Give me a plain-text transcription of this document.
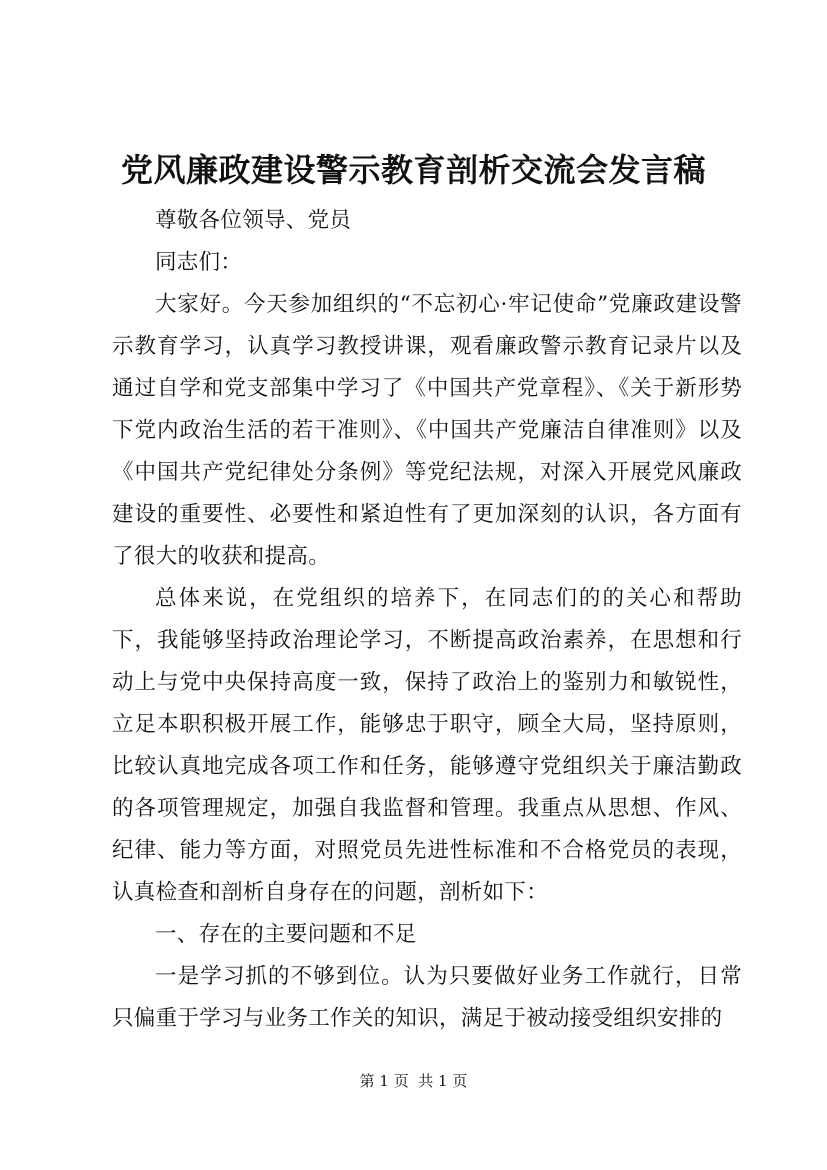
党风廉政建设警示教育剖析交流会发言稿

尊敬各位领导、党员

同志们：

大家好。今天参加组织的“不忘初心·牢记使命”党廉政建设警示教育学习，认真学习教授讲课，观看廉政警示教育记录片以及通过自学和党支部集中学习了《中国共产党章程》、《关于新形势下党内政治生活的若干准则》、《中国共产党廉洁自律准则》以及《中国共产党纪律处分条例》等党纪法规，对深入开展党风廉政建设的重要性、必要性和紧迫性有了更加深刻的认识，各方面有了很大的收获和提高。

总体来说，在党组织的培养下，在同志们的的关心和帮助下，我能够坚持政治理论学习，不断提高政治素养，在思想和行动上与党中央保持高度一致，保持了政治上的鉴别力和敏锐性，立足本职积极开展工作，能够忠于职守，顾全大局，坚持原则，比较认真地完成各项工作和任务，能够遵守党组织关于廉洁勤政的各项管理规定，加强自我监督和管理。我重点从思想、作风、纪律、能力等方面，对照党员先进性标准和不合格党员的表现，认真检查和剖析自身存在的问题，剖析如下：

一、存在的主要问题和不足

一是学习抓的不够到位。认为只要做好业务工作就行，日常只偏重于学习与业务工作关的知识，满足于被动接受组织安排的

第 1 页  共 1 页
